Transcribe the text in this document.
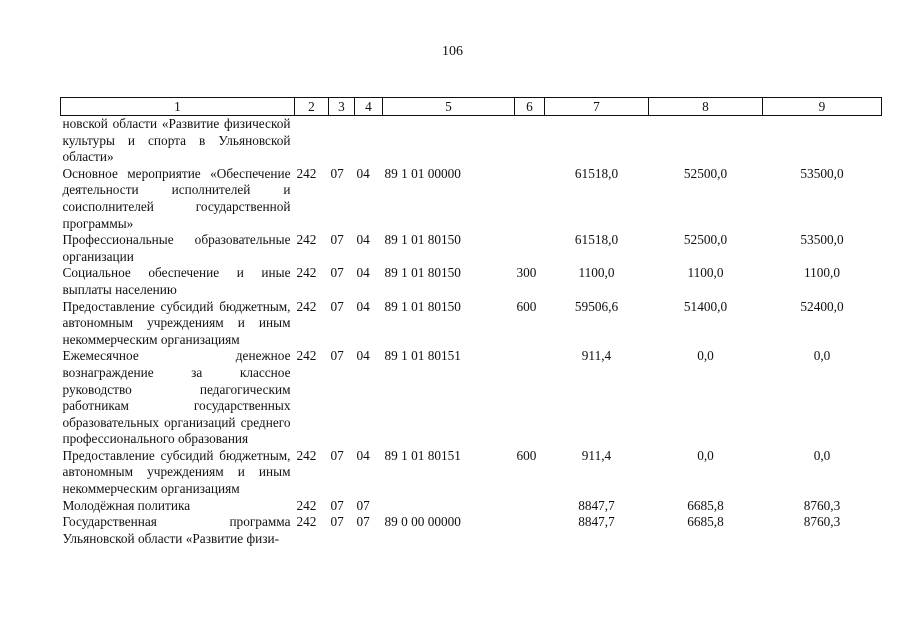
106
1	2	3	4	5	6	7	8	9
новской области «Развитие физической культуры и спорта в Ульяновской области»								
Основное мероприятие «Обеспечение деятельности исполнителей и соисполнителей государственной программы»	242	07	04	89 1 01 00000		61518,0	52500,0	53500,0
Профессиональные образовательные организации	242	07	04	89 1 01 80150		61518,0	52500,0	53500,0
Социальное обеспечение и иные выплаты населению	242	07	04	89 1 01 80150	300	1100,0	1100,0	1100,0
Предоставление субсидий бюджетным, автономным учреждениям и иным некоммерческим организациям	242	07	04	89 1 01 80150	600	59506,6	51400,0	52400,0
Ежемесячное денежное вознаграждение за классное руководство педагогическим работникам государственных образовательных организаций среднего профессионального образования	242	07	04	89 1 01 80151		911,4	0,0	0,0
Предоставление субсидий бюджетным, автономным учреждениям и иным некоммерческим организациям	242	07	04	89 1 01 80151	600	911,4	0,0	0,0
Молодёжная политика	242	07	07			8847,7	6685,8	8760,3
Государственная программа Ульяновской области «Развитие физи-	242	07	07	89 0 00 00000		8847,7	6685,8	8760,3
